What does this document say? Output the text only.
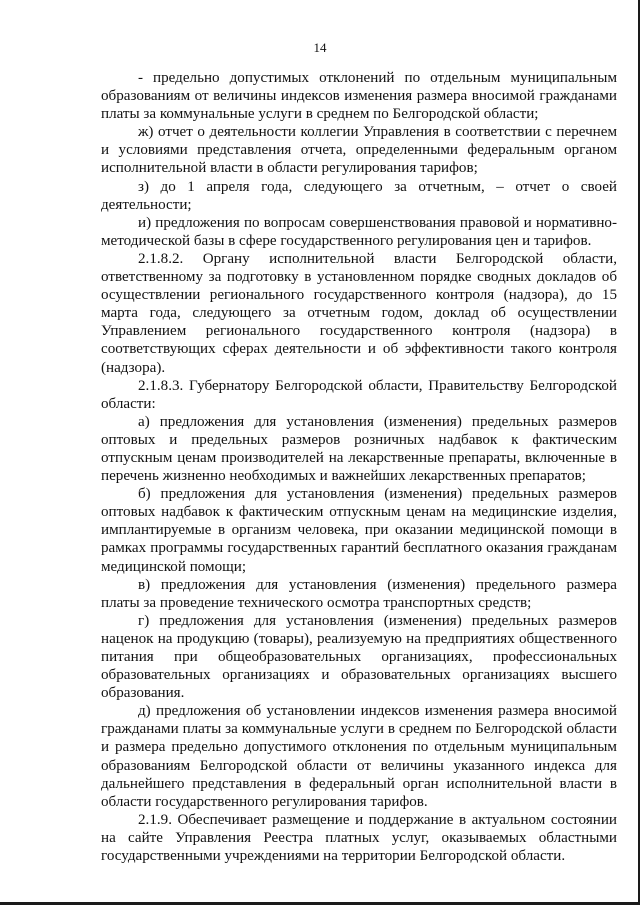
14

- предельно допустимых отклонений по отдельным муниципальным образованиям от величины индексов изменения размера вносимой гражданами платы за коммунальные услуги в среднем по Белгородской области;

ж) отчет о деятельности коллегии Управления в соответствии с перечнем и условиями представления отчета, определенными федеральным органом исполнительной власти в области регулирования тарифов;

з) до 1 апреля года, следующего за отчетным, – отчет о своей деятельности;

и) предложения по вопросам совершенствования правовой и нормативно-методической базы в сфере государственного регулирования цен и тарифов.

2.1.8.2. Органу исполнительной власти Белгородской области, ответственному за подготовку в установленном порядке сводных докладов об осуществлении регионального государственного контроля (надзора), до 15 марта года, следующего за отчетным годом, доклад об осуществлении Управлением регионального государственного контроля (надзора) в соответствующих сферах деятельности и об эффективности такого контроля (надзора).

2.1.8.3. Губернатору Белгородской области, Правительству Белгородской области:

а) предложения для установления (изменения) предельных размеров оптовых и предельных размеров розничных надбавок к фактическим отпускным ценам производителей на лекарственные препараты, включенные в перечень жизненно необходимых и важнейших лекарственных препаратов;

б) предложения для установления (изменения) предельных размеров оптовых надбавок к фактическим отпускным ценам на медицинские изделия, имплантируемые в организм человека, при оказании медицинской помощи в рамках программы государственных гарантий бесплатного оказания гражданам медицинской помощи;

в) предложения для установления (изменения) предельного размера платы за проведение технического осмотра транспортных средств;

г) предложения для установления (изменения) предельных размеров наценок на продукцию (товары), реализуемую на предприятиях общественного питания при общеобразовательных организациях, профессиональных образовательных организациях и образовательных организациях высшего образования.

д) предложения об установлении индексов изменения размера вносимой гражданами платы за коммунальные услуги в среднем по Белгородской области и размера предельно допустимого отклонения по отдельным муниципальным образованиям Белгородской области от величины указанного индекса для дальнейшего представления в федеральный орган исполнительной власти в области государственного регулирования тарифов.

2.1.9. Обеспечивает размещение и поддержание в актуальном состоянии на сайте Управления Реестра платных услуг, оказываемых областными государственными учреждениями на территории Белгородской области.
